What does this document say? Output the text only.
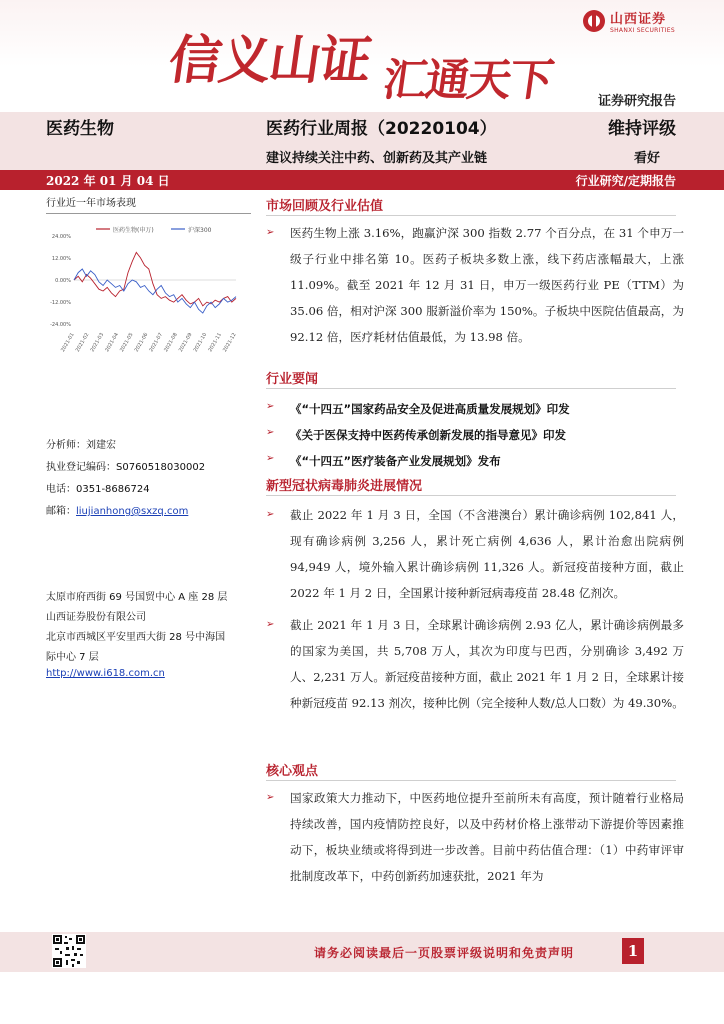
信义山证 汇通天下
山西证券
SHANXI SECURITIES
证券研究报告
医药生物	医药行业周报（20220104）	维持评级
建议持续关注中药、创新药及其产业链	看好
2022 年 01 月 04 日	行业研究/定期报告
行业近一年市场表现
医药生物(申万)	沪深300
24.00%
12.00%
0.00%
-12.00%
-24.00%
2021-01 2021-02 2021-03 2021-04 2021-05 2021-06 2021-07 2021-08 2021-09 2021-10 2021-11 2021-12
分析师：刘建宏
执业登记编码：S0760518030002
电话：0351-8686724
邮箱：liujianhong@sxzq.com
太原市府西街 69 号国贸中心 A 座 28 层
山西证券股份有限公司
北京市西城区平安里西大街 28 号中海国
际中心 7 层
http://www.i618.com.cn
市场回顾及行业估值
➢	医药生物上涨 3.16%，跑赢沪深 300 指数 2.77 个百分点，在 31 个申万一级子行业中排名第 10。医药子板块多数上涨，线下药店涨幅最大，上涨 11.09%。截至 2021 年 12 月 31 日，申万一级医药行业 PE（TTM）为 35.06 倍，相对沪深 300 服新溢价率为 150%。子板块中医院估值最高，为 92.12 倍，医疗耗材估值最低，为 13.98 倍。
行业要闻
➢	《“十四五”国家药品安全及促进高质量发展规划》印发
➢	《关于医保支持中医药传承创新发展的指导意见》印发
➢	《“十四五”医疗装备产业发展规划》发布
新型冠状病毒肺炎进展情况
➢	截止 2022 年 1 月 3 日，全国（不含港澳台）累计确诊病例 102,841 人，现有确诊病例 3,256 人，累计死亡病例 4,636 人，累计治愈出院病例 94,949 人，境外输入累计确诊病例 11,326 人。新冠疫苗接种方面，截止 2022 年 1 月 2 日，全国累计接种新冠病毒疫苗 28.48 亿剂次。
➢	截止 2021 年 1 月 3 日，全球累计确诊病例 2.93 亿人，累计确诊病例最多的国家为美国，共 5,708 万人，其次为印度与巴西，分别确诊 3,492 万人、2,231 万人。新冠疫苗接种方面，截止 2021 年 1 月 2 日，全球累计接种新冠疫苗 92.13 剂次，接种比例（完全接种人数/总人口数）为 49.30%。
核心观点
➢	国家政策大力推动下，中医药地位提升至前所未有高度，预计随着行业格局持续改善，国内疫情防控良好，以及中药材价格上涨带动下游提价等因素推动下，板块业绩或将得到进一步改善。目前中药估值合理：（1）中药审评审批制度改革下，中药创新药加速获批，2021 年为
请务必阅读最后一页股票评级说明和免责声明	1
